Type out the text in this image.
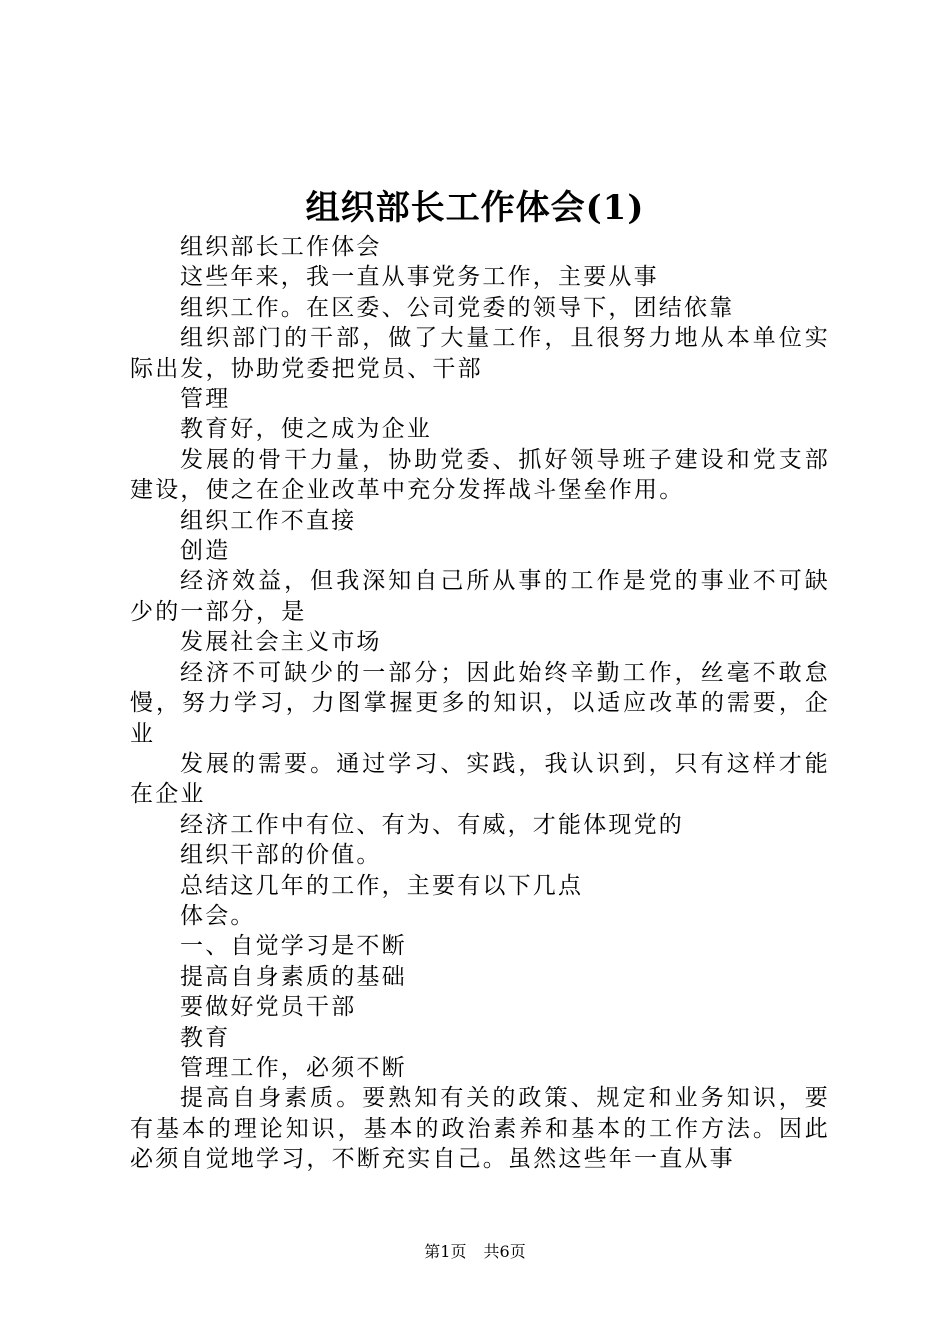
组织部长工作体会(1)

组织部长工作体会

这些年来，我一直从事党务工作，主要从事

组织工作。在区委、公司党委的领导下，团结依靠

组织部门的干部，做了大量工作，且很努力地从本单位实际出发，协助党委把党员、干部

管理

教育好，使之成为企业

发展的骨干力量，协助党委、抓好领导班子建设和党支部建设，使之在企业改革中充分发挥战斗堡垒作用。

组织工作不直接

创造

经济效益，但我深知自己所从事的工作是党的事业不可缺少的一部分，是

发展社会主义市场

经济不可缺少的一部分；因此始终辛勤工作，丝毫不敢怠慢，努力学习，力图掌握更多的知识，以适应改革的需要，企业

发展的需要。通过学习、实践，我认识到，只有这样才能在企业

经济工作中有位、有为、有威，才能体现党的

组织干部的价值。

总结这几年的工作，主要有以下几点

体会。

一、自觉学习是不断

提高自身素质的基础

要做好党员干部

教育

管理工作，必须不断

提高自身素质。要熟知有关的政策、规定和业务知识，要有基本的理论知识，基本的政治素养和基本的工作方法。因此必须自觉地学习，不断充实自己。虽然这些年一直从事

第1页 共6页
